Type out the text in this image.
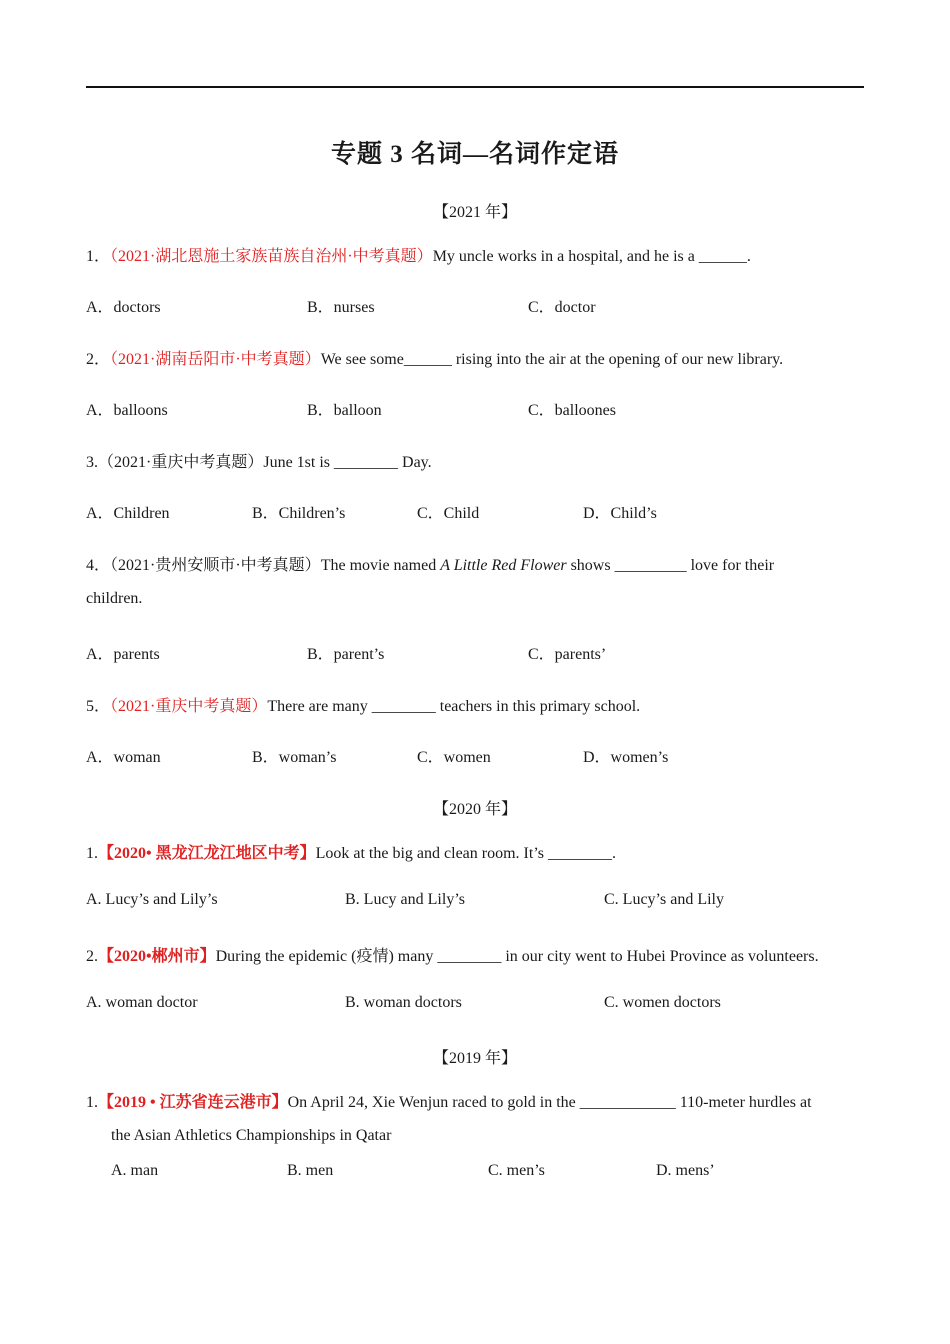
专题 3 名词—名词作定语
【2021 年】
1．（2021·湖北恩施土家族苗族自治州·中考真题）My uncle works in a hospital, and he is a ______.
A．doctors	B．nurses	C．doctor
2．（2021·湖南岳阳市·中考真题）We see some______ rising into the air at the opening of our new library.
A．balloons	B．balloon	C．balloones
3.（2021·重庆中考真题）June 1st is ________ Day.
A．Children	B．Children’s	C．Child	D．Child’s
4．（2021·贵州安顺市·中考真题）The movie named A Little Red Flower shows _________ love for their
children.
A．parents	B．parent’s	C．parents’
5．（2021·重庆中考真题）There are many ________ teachers in this primary school.
A．woman	B．woman’s	C．women	D．women’s
【2020 年】
1.【2020• 黑龙江龙江地区中考】Look at the big and clean room. It’s ________.
A. Lucy’s and Lily’s	B. Lucy and Lily’s	C. Lucy’s and Lily
2.【2020•郴州市】During the epidemic (疫情) many ________ in our city went to Hubei Province as volunteers.
A. woman doctor	B. woman doctors	C. women doctors
【2019 年】
1.【2019 • 江苏省连云港市】On April 24, Xie Wenjun raced to gold in the ____________ 110-meter hurdles at
the Asian Athletics Championships in Qatar
A. man	B. men	C. men’s	D. mens’
